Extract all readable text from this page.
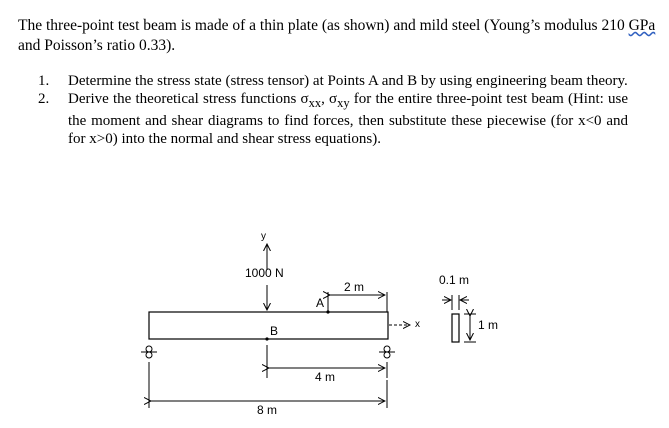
The three-point test beam is made of a thin plate (as shown) and mild steel (Young’s modulus 210 GPa and Poisson’s ratio 0.33).

1. Determine the stress state (stress tensor) at Points A and B by using engineering beam theory.
2. Derive the theoretical stress functions $\sigma_{xx}$, $\sigma_{xy}$ for the entire three-point test beam (Hint: use the moment and shear diagrams to find forces, then substitute these piecewise (for x<0 and for x>0) into the normal and shear stress equations).
y
1000 N
2 m
A
B	x
4 m
8 m
0.1 m
1 m
